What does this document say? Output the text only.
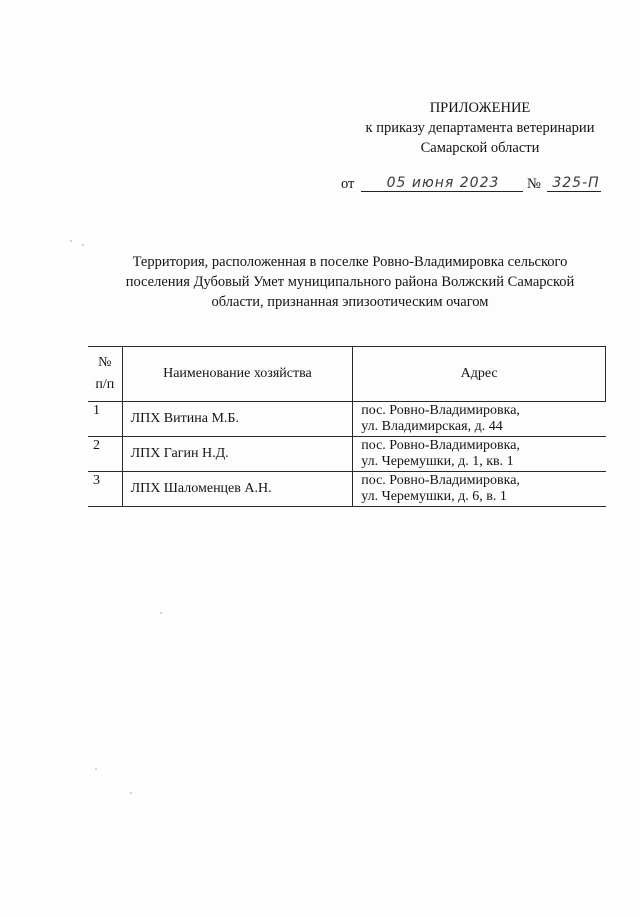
ПРИЛОЖЕНИЕ
к приказу департамента ветеринарии
Самарской области
от	05 июня 2023	№ 325-П
Территория, расположенная в поселке Ровно-Владимировка сельского
поселения Дубовый Умет муниципального района Волжский Самарской
области, признанная эпизоотическим очагом
№
п/п	Наименование хозяйства	Адрес
1	ЛПХ Витина М.Б.	пос. Ровно-Владимировка,
ул. Владимирская, д. 44

2	ЛПХ Гагин Н.Д.	пос. Ровно-Владимировка,
ул. Черемушки, д. 1, кв. 1

3	ЛПХ Шаломенцев А.Н.	пос. Ровно-Владимировка,
ул. Черемушки, д. 6, в. 1
